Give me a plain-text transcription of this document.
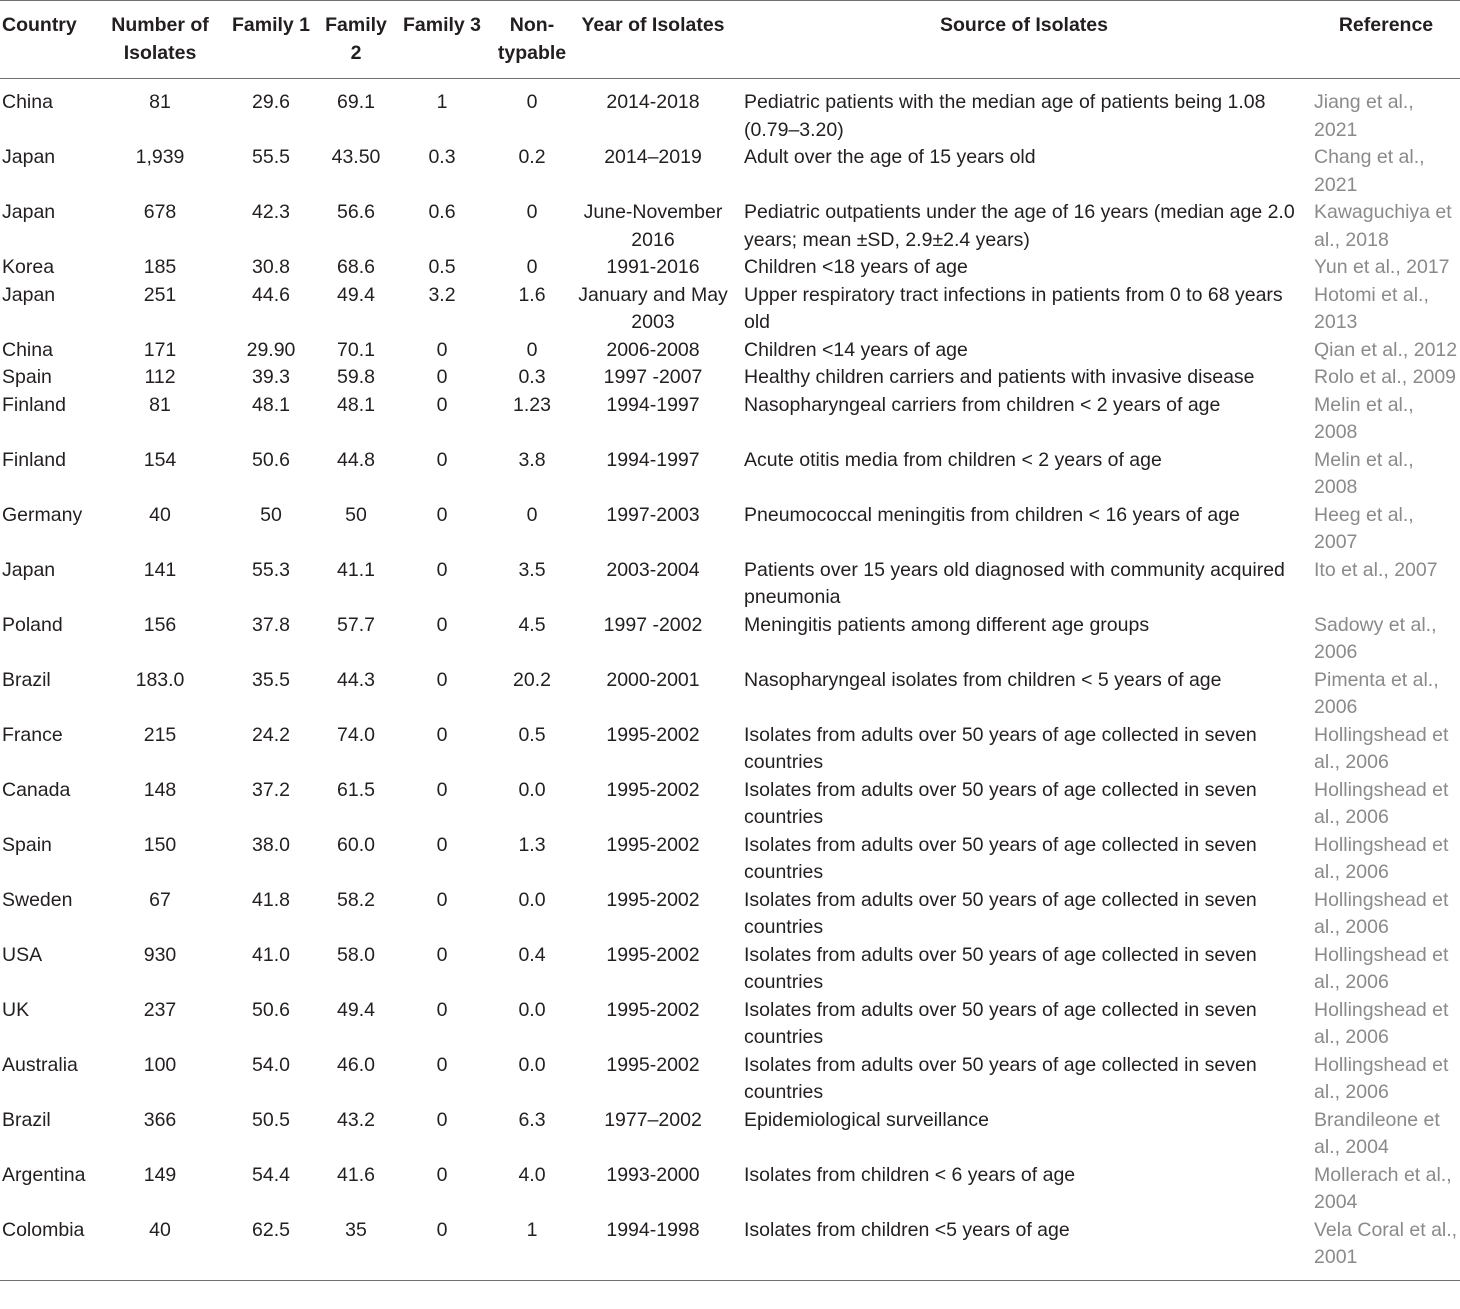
Country	Number of Isolates	Family 1	Family 2	Family 3	Non-typable	Year of Isolates	Source of Isolates	Reference
China	81	29.6	69.1	1	0	2014-2018	Pediatric patients with the median age of patients being 1.08 (0.79–3.20)	Jiang et al., 2021
Japan	1,939	55.5	43.50	0.3	0.2	2014–2019	Adult over the age of 15 years old	Chang et al., 2021
Japan	678	42.3	56.6	0.6	0	June-November 2016	Pediatric outpatients under the age of 16 years (median age 2.0 years; mean ±SD, 2.9±2.4 years)	Kawaguchiya et al., 2018
Korea	185	30.8	68.6	0.5	0	1991-2016	Children <18 years of age	Yun et al., 2017
Japan	251	44.6	49.4	3.2	1.6	January and May 2003	Upper respiratory tract infections in patients from 0 to 68 years old	Hotomi et al., 2013
China	171	29.90	70.1	0	0	2006-2008	Children <14 years of age	Qian et al., 2012
Spain	112	39.3	59.8	0	0.3	1997 -2007	Healthy children carriers and patients with invasive disease	Rolo et al., 2009
Finland	81	48.1	48.1	0	1.23	1994-1997	Nasopharyngeal carriers from children < 2 years of age	Melin et al., 2008
Finland	154	50.6	44.8	0	3.8	1994-1997	Acute otitis media from children < 2 years of age	Melin et al., 2008
Germany	40	50	50	0	0	1997-2003	Pneumococcal meningitis from children < 16 years of age	Heeg et al., 2007
Japan	141	55.3	41.1	0	3.5	2003-2004	Patients over 15 years old diagnosed with community acquired pneumonia	Ito et al., 2007
Poland	156	37.8	57.7	0	4.5	1997 -2002	Meningitis patients among different age groups	Sadowy et al., 2006
Brazil	183.0	35.5	44.3	0	20.2	2000-2001	Nasopharyngeal isolates from children < 5 years of age	Pimenta et al., 2006
France	215	24.2	74.0	0	0.5	1995-2002	Isolates from adults over 50 years of age collected in seven countries	Hollingshead et al., 2006
Canada	148	37.2	61.5	0	0.0	1995-2002	Isolates from adults over 50 years of age collected in seven countries	Hollingshead et al., 2006
Spain	150	38.0	60.0	0	1.3	1995-2002	Isolates from adults over 50 years of age collected in seven countries	Hollingshead et al., 2006
Sweden	67	41.8	58.2	0	0.0	1995-2002	Isolates from adults over 50 years of age collected in seven countries	Hollingshead et al., 2006
USA	930	41.0	58.0	0	0.4	1995-2002	Isolates from adults over 50 years of age collected in seven countries	Hollingshead et al., 2006
UK	237	50.6	49.4	0	0.0	1995-2002	Isolates from adults over 50 years of age collected in seven countries	Hollingshead et al., 2006
Australia	100	54.0	46.0	0	0.0	1995-2002	Isolates from adults over 50 years of age collected in seven countries	Hollingshead et al., 2006
Brazil	366	50.5	43.2	0	6.3	1977–2002	Epidemiological surveillance	Brandileone et al., 2004
Argentina	149	54.4	41.6	0	4.0	1993-2000	Isolates from children < 6 years of age	Mollerach et al., 2004
Colombia	40	62.5	35	0	1	1994-1998	Isolates from children <5 years of age	Vela Coral et al., 2001
